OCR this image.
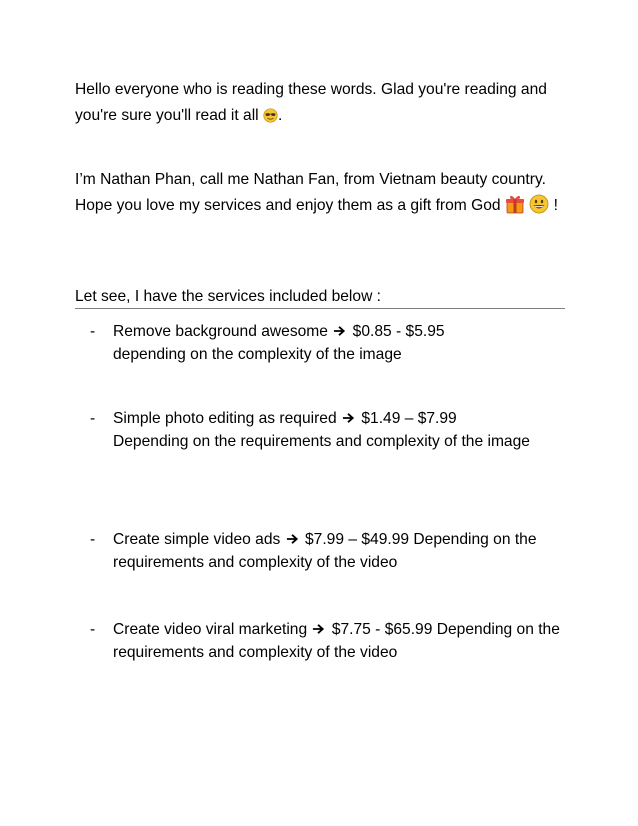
Hello everyone who is reading these words. Glad you're reading and you're sure you'll read it all .

I’m Nathan Phan, call me Nathan Fan, from Vietnam beauty country. Hope you love my services and enjoy them as a gift from God	!

Let see, I have the services included below :

- Remove background awesome $0.85 - $5.95
depending on the complexity of the image
- Simple photo editing as required $1.49 – $7.99
Depending on the requirements and complexity of the image
- Create simple video ads $7.99 – $49.99 Depending on the requirements and complexity of the video
- Create video viral marketing $7.75 - $65.99 Depending on the requirements and complexity of the video
